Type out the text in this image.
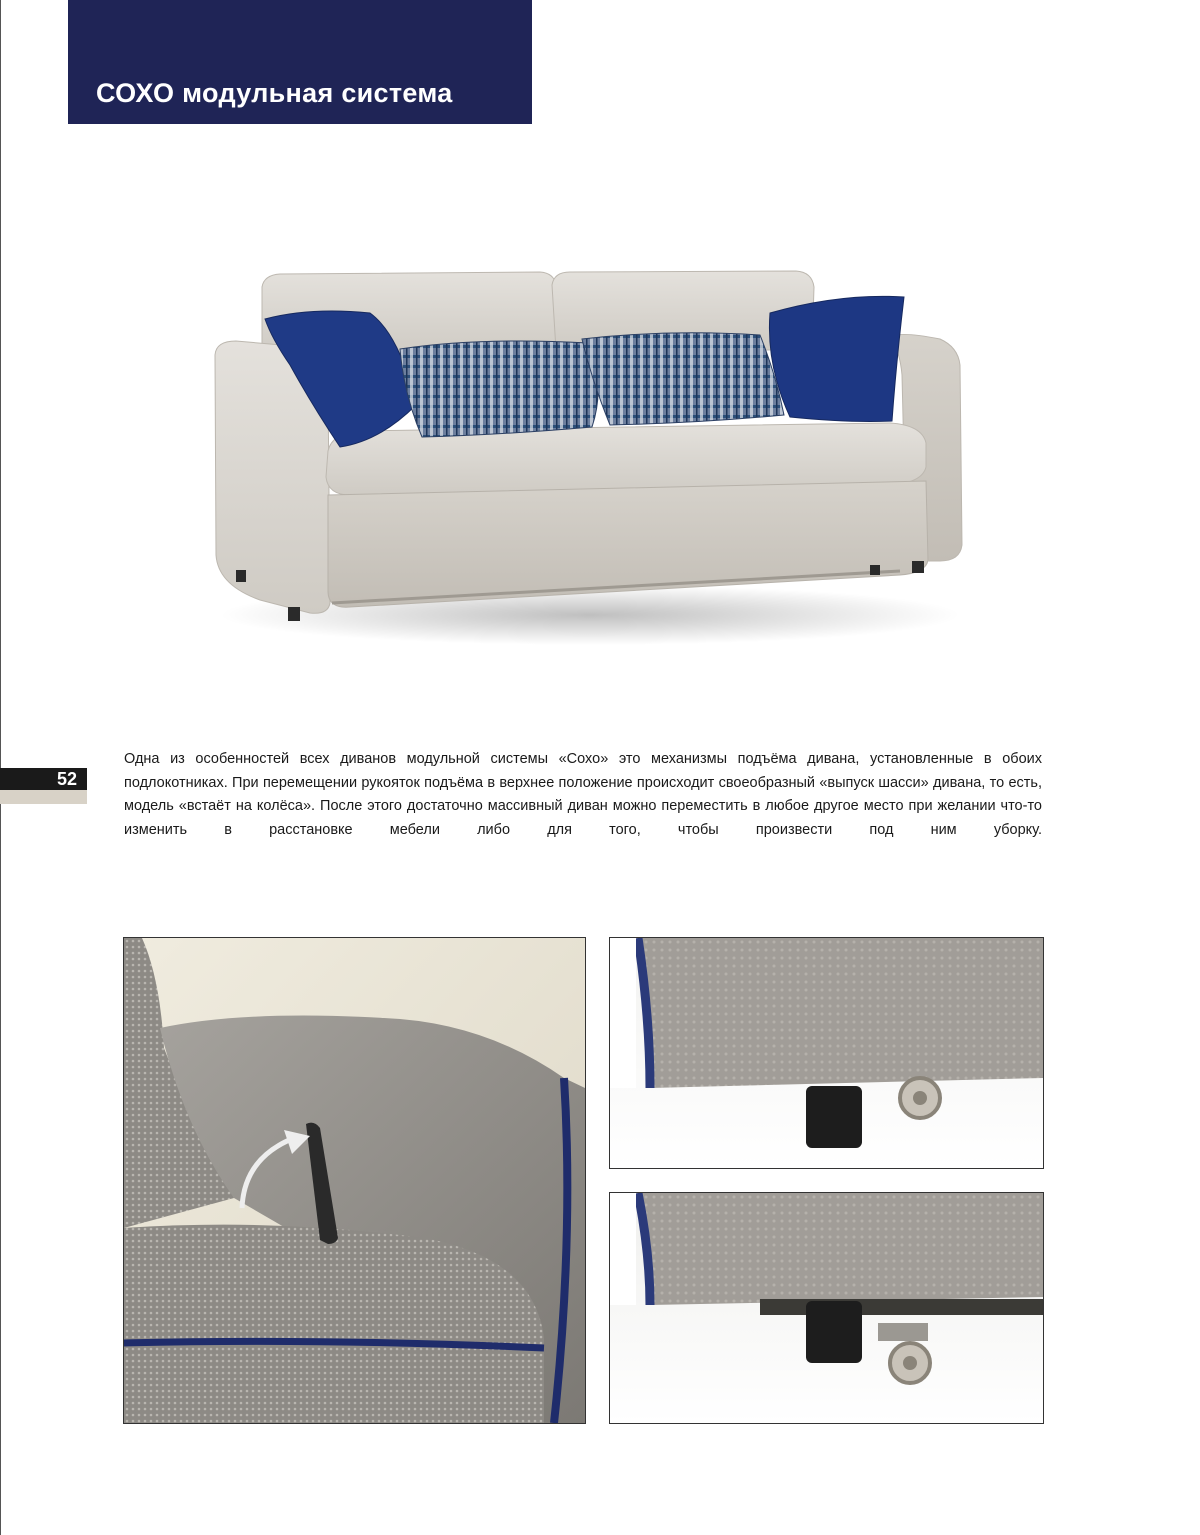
СОХО модульная система
52
Одна из особенностей всех диванов модульной системы «Сохо» это механизмы подъёма дивана, установленные в обоих подлокотниках. При перемещении рукояток подъёма в верхнее положение происходит своеобразный «выпуск шасси» дивана, то есть, модель «встаёт на колёса». После этого достаточно массивный диван можно переместить в любое другое место при желании что-то изменить в расстановке мебели либо для того, чтобы произвести под ним уборку.
